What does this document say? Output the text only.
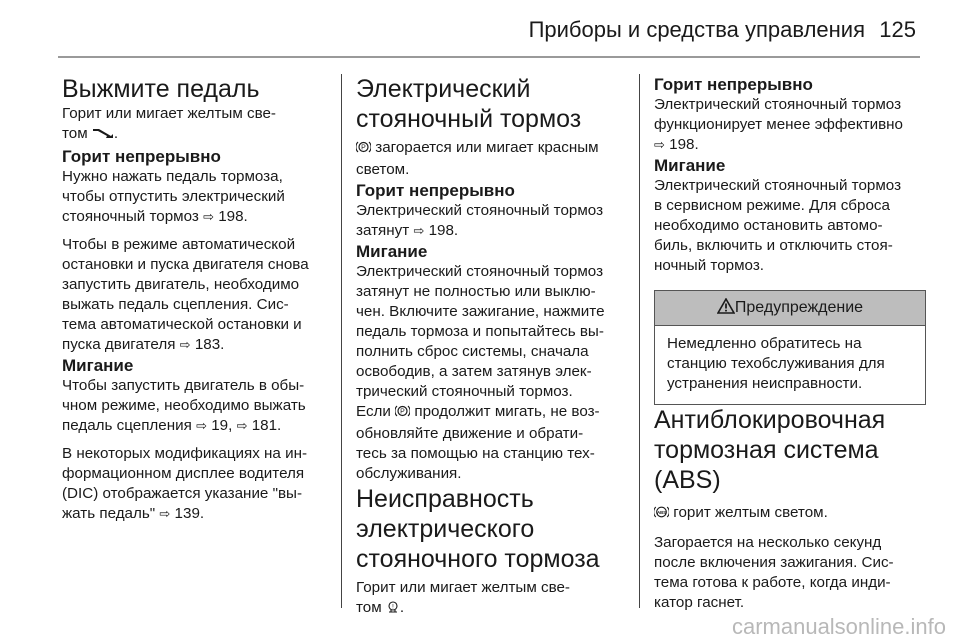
Приборы и средства управления 125
Выжмите педаль

Горит или мигает желтым све-
том .

Горит непрерывно

Нужно нажать педаль тормоза,
чтобы отпустить электрический
стояночный тормоз ⇨ 198.

Чтобы в режиме автоматической
остановки и пуска двигателя снова
запустить двигатель, необходимо
выжать педаль сцепления. Сис-
тема автоматической остановки и
пуска двигателя ⇨ 183.

Мигание

Чтобы запустить двигатель в обы-
чном режиме, необходимо выжать
педаль сцепления ⇨ 19, ⇨ 181.

В некоторых модификациях на ин-
формационном дисплее водителя
(DIC) отображается указание "вы-
жать педаль" ⇨ 139.

Электрический
стояночный тормоз

P загорается или мигает красным
светом.

Горит непрерывно

Электрический стояночный тормоз
затянут ⇨ 198.

Мигание

Электрический стояночный тормоз
затянут не полностью или выклю-
чен. Включите зажигание, нажмите
педаль тормоза и попытайтесь вы-
полнить сброс системы, сначала
освободив, а затем затянув элек-
трический стояночный тормоз.
Если P продолжит мигать, не воз-
обновляйте движение и обрати-
тесь за помощью на станцию тех-
обслуживания.

Неисправность
электрического
стояночного тормоза

Горит или мигает желтым све-
том ! .

Горит непрерывно

Электрический стояночный тормоз
функционирует менее эффективно
⇨ 198.

Мигание

Электрический стояночный тормоз
в сервисном режиме. Для сброса
необходимо остановить автомо-
биль, включить и отключить стоя-
ночный тормоз.

Предупреждение

Немедленно обратитесь на
станцию техобслуживания для
устранения неисправности.

Антиблокировочная
тормозная система (ABS)

ABS горит желтым светом.

Загорается на несколько секунд
после включения зажигания. Сис-
тема готова к работе, когда инди-
катор гаснет.

carmanualsonline.info
